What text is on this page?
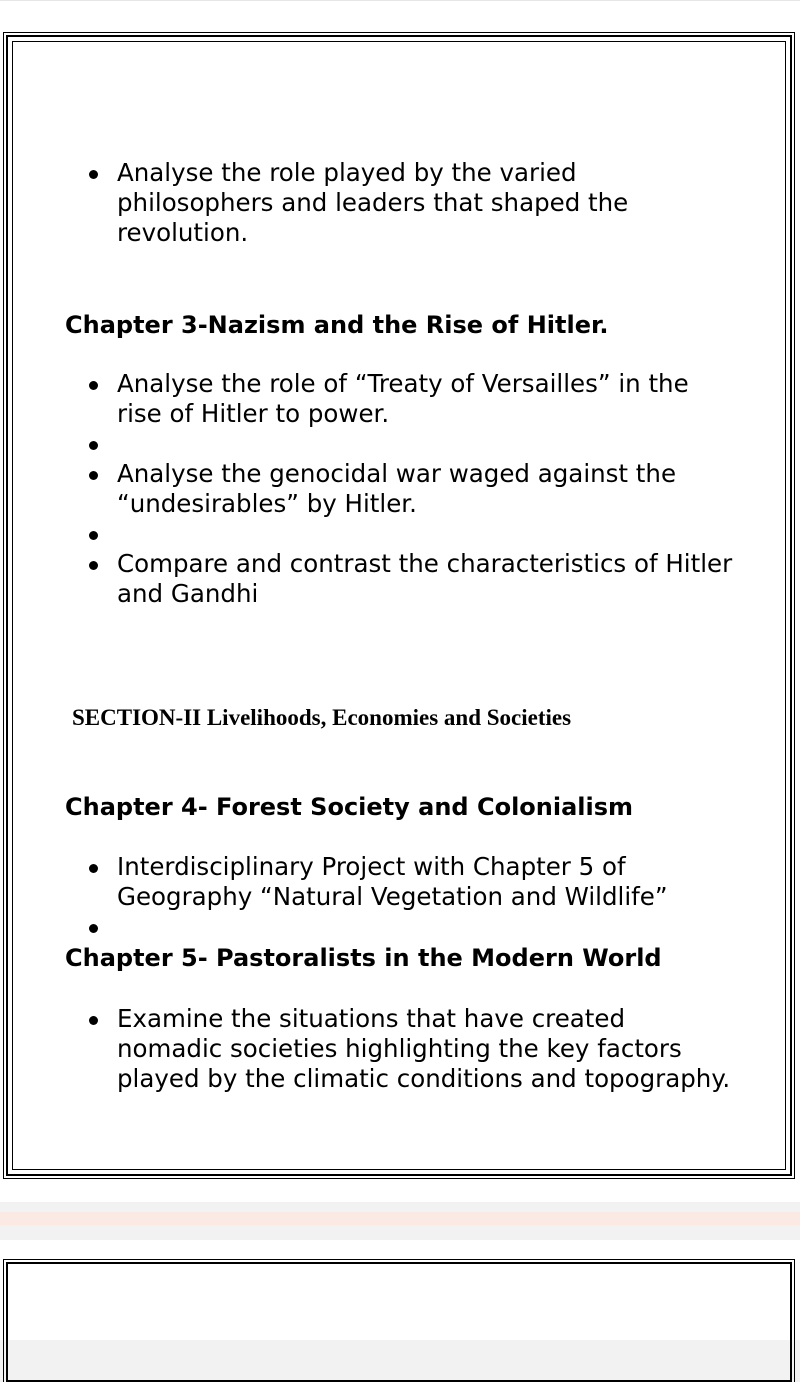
Analyse the role played by the varied philosophers and leaders that shaped the revolution.
Chapter 3-Nazism and the Rise of Hitler.
Analyse the role of “Treaty of Versailles” in the rise of Hitler to power.
Analyse the genocidal war waged against the “undesirables” by Hitler.
Compare and contrast the characteristics of Hitler and Gandhi
SECTION-II Livelihoods, Economies and Societies
Chapter 4- Forest Society and Colonialism
Interdisciplinary Project with Chapter 5 of Geography “Natural Vegetation and Wildlife”
Chapter 5- Pastoralists in the Modern World
Examine the situations that have created nomadic societies highlighting the key factors played by the climatic conditions and topography.
